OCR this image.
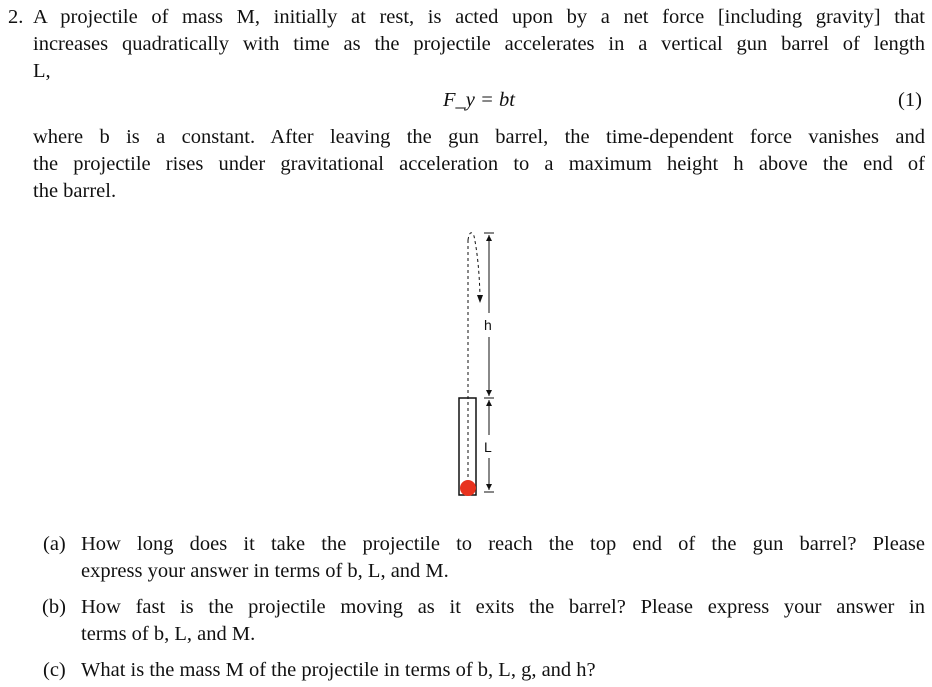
2. A projectile of mass M, initially at rest, is acted upon by a net force [including gravity] that
increases quadratically with time as the projectile accelerates in a vertical gun barrel of length
L,
F_y = bt	(1)
where b is a constant. After leaving the gun barrel, the time-dependent force vanishes and
the projectile rises under gravitational acceleration to a maximum height h above the end of
the barrel.
h
L
(a) How long does it take the projectile to reach the top end of the gun barrel? Please
express your answer in terms of b, L, and M.
(b) How fast is the projectile moving as it exits the barrel? Please express your answer in
terms of b, L, and M.
(c) What is the mass M of the projectile in terms of b, L, g, and h?
